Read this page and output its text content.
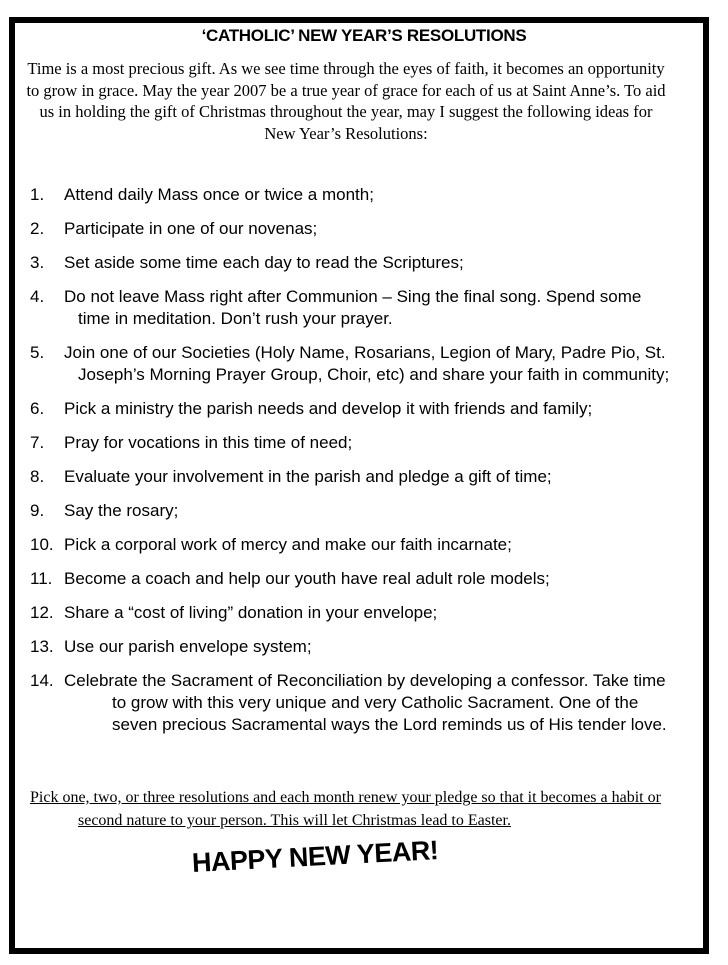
‘CATHOLIC’ NEW YEAR’S RESOLUTIONS

Time is a most precious gift. As we see time through the eyes of faith, it becomes an opportunity to grow in grace. May the year 2007 be a true year of grace for each of us at Saint Anne’s. To aid us in holding the gift of Christmas throughout the year, may I suggest the following ideas for New Year’s Resolutions:

1. Attend daily Mass once or twice a month;
2. Participate in one of our novenas;
3. Set aside some time each day to read the Scriptures;
4. Do not leave Mass right after Communion – Sing the final song. Spend some time in meditation. Don’t rush your prayer.
5. Join one of our Societies (Holy Name, Rosarians, Legion of Mary, Padre Pio, St. Joseph’s Morning Prayer Group, Choir, etc) and share your faith in community;
6. Pick a ministry the parish needs and develop it with friends and family;
7. Pray for vocations in this time of need;
8. Evaluate your involvement in the parish and pledge a gift of time;
9. Say the rosary;
10. Pick a corporal work of mercy and make our faith incarnate;
11. Become a coach and help our youth have real adult role models;
12. Share a “cost of living” donation in your envelope;
13. Use our parish envelope system;
14. Celebrate the Sacrament of Reconciliation by developing a confessor. Take time to grow with this very unique and very Catholic Sacrament. One of the seven precious Sacramental ways the Lord reminds us of His tender love.

Pick one, two, or three resolutions and each month renew your pledge so that it becomes a habit or second nature to your person. This will let Christmas lead to Easter.

HAPPY NEW YEAR!
